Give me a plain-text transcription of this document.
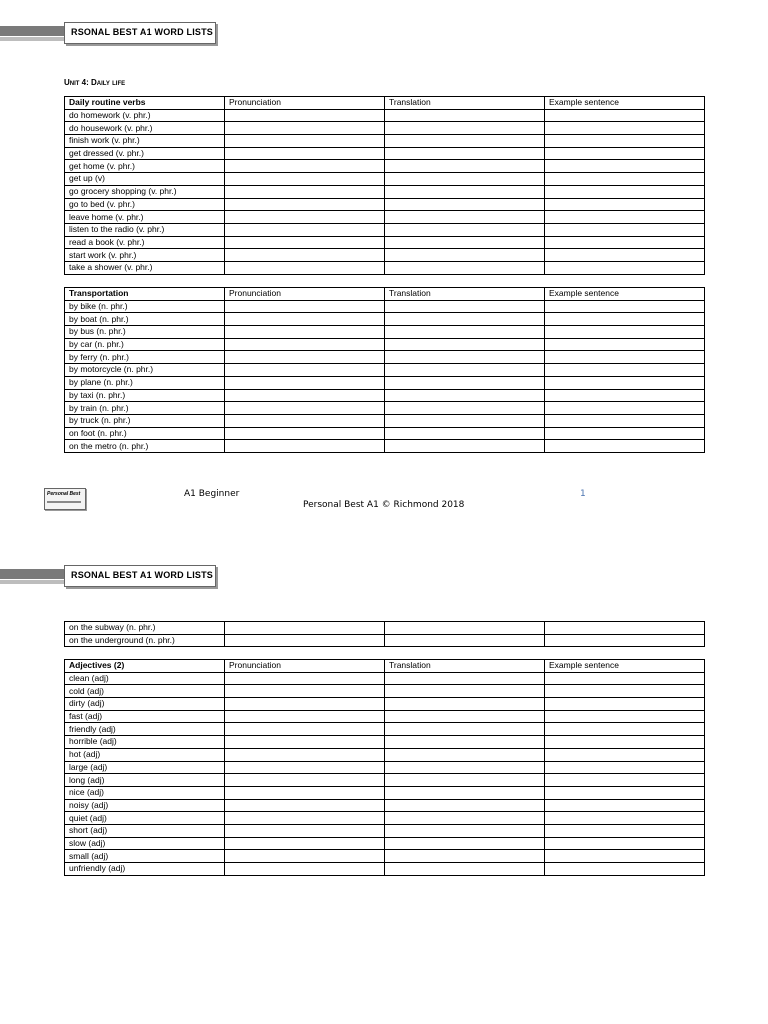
RSONAL BEST A1 WORD LISTS
Unit 4: Daily life
Daily routine verbs	Pronunciation	Translation	Example sentence
do homework (v. phr.)			
do housework (v. phr.)			
finish work (v. phr.)			
get dressed (v. phr.)			
get home (v. phr.)			
get up (v)			
go grocery shopping (v. phr.)			
go to bed (v. phr.)			
leave home (v. phr.)			
listen to the radio (v. phr.)			
read a book (v. phr.)			
start work (v. phr.)			
take a shower (v. phr.)			
Transportation	Pronunciation	Translation	Example sentence
by bike (n. phr.)			
by boat (n. phr.)			
by bus (n. phr.)			
by car (n. phr.)			
by ferry (n. phr.)			
by motorcycle (n. phr.)			
by plane (n. phr.)			
by taxi (n. phr.)			
by train (n. phr.)			
by truck (n. phr.)			
on foot (n. phr.)			
on the metro (n. phr.)			
Personal Best	A1 Beginner
Personal Best A1 © Richmond 2018
1
RSONAL BEST A1 WORD LISTS
on the subway (n. phr.)			
on the underground (n. phr.)			
Adjectives (2)	Pronunciation	Translation	Example sentence
clean (adj)			
cold (adj)			
dirty (adj)			
fast (adj)			
friendly (adj)			
horrible (adj)			
hot (adj)			
large (adj)			
long (adj)			
nice (adj)			
noisy (adj)			
quiet (adj)			
short (adj)			
slow (adj)			
small (adj)			
unfriendly (adj)			
